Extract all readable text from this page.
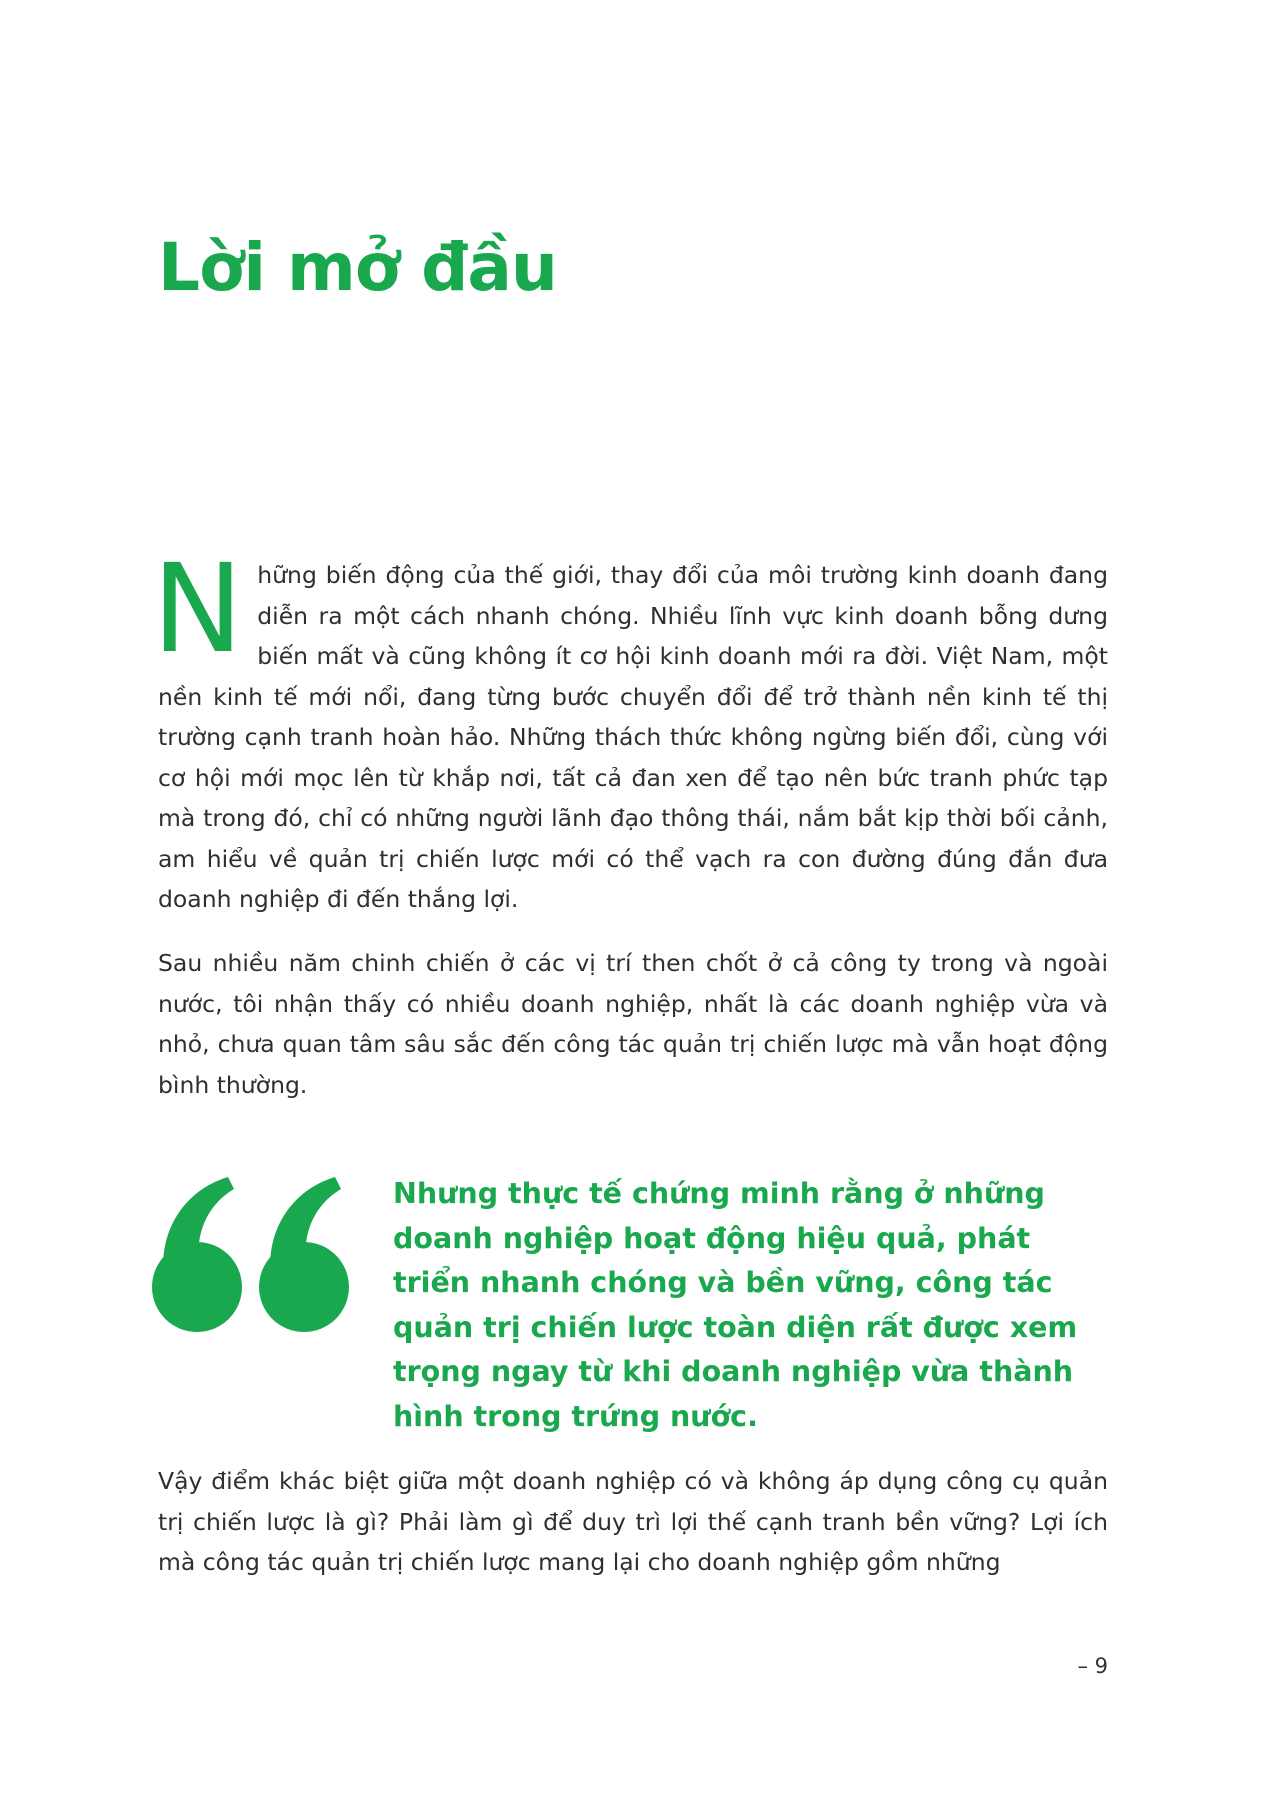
Lời mở đầu

Những biến động của thế giới, thay đổi của môi trường kinh doanh đang diễn ra một cách nhanh chóng. Nhiều lĩnh vực kinh doanh bỗng dưng biến mất và cũng không ít cơ hội kinh doanh mới ra đời. Việt Nam, một nền kinh tế mới nổi, đang từng bước chuyển đổi để trở thành nền kinh tế thị trường cạnh tranh hoàn hảo. Những thách thức không ngừng biến đổi, cùng với cơ hội mới mọc lên từ khắp nơi, tất cả đan xen để tạo nên bức tranh phức tạp mà trong đó, chỉ có những người lãnh đạo thông thái, nắm bắt kịp thời bối cảnh, am hiểu về quản trị chiến lược mới có thể vạch ra con đường đúng đắn đưa doanh nghiệp đi đến thắng lợi.

Sau nhiều năm chinh chiến ở các vị trí then chốt ở cả công ty trong và ngoài nước, tôi nhận thấy có nhiều doanh nghiệp, nhất là các doanh nghiệp vừa và nhỏ, chưa quan tâm sâu sắc đến công tác quản trị chiến lược mà vẫn hoạt động bình thường.

Nhưng thực tế chứng minh rằng ở những doanh nghiệp hoạt động hiệu quả, phát triển nhanh chóng và bền vững, công tác quản trị chiến lược toàn diện rất được xem trọng ngay từ khi doanh nghiệp vừa thành hình trong trứng nước.

Vậy điểm khác biệt giữa một doanh nghiệp có và không áp dụng công cụ quản trị chiến lược là gì? Phải làm gì để duy trì lợi thế cạnh tranh bền vững? Lợi ích mà công tác quản trị chiến lược mang lại cho doanh nghiệp gồm những

– 9
